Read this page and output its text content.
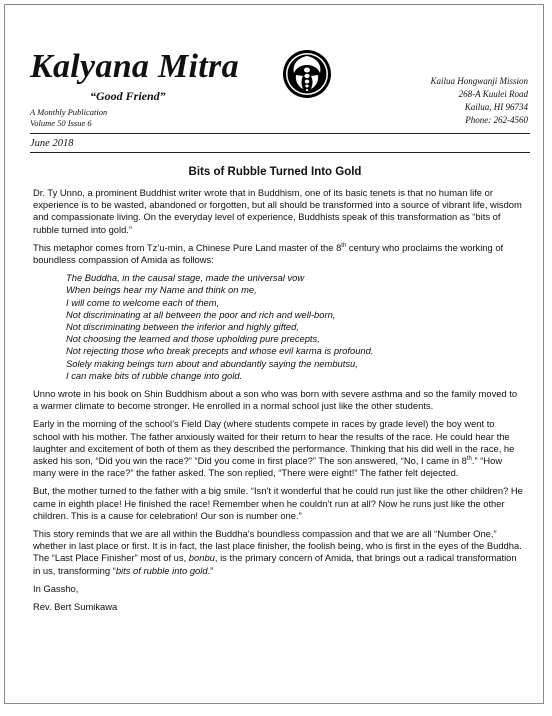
Kalyana Mitra
“Good Friend”
A Monthly Publication
Volume 50 Issue 6
Kailua Hongwanji Mission
268-A Kuulei Road
Kailua, HI 96734
Phone: 262-4560
June 2018
Bits of Rubble Turned Into Gold

Dr. Ty Unno, a prominent Buddhist writer wrote that in Buddhism, one of its basic tenets is that no human life or experience is to be wasted, abandoned or forgotten, but all should be transformed into a source of vibrant life, wisdom and compassionate living. On the everyday level of experience, Buddhists speak of this transformation as “bits of rubble turned into gold.”

This metaphor comes from Tz’u-min, a Chinese Pure Land master of the 8th century who proclaims the working of boundless compassion of Amida as follows:

The Buddha, in the causal stage, made the universal vow
When beings hear my Name and think on me,
I will come to welcome each of them,
Not discriminating at all between the poor and rich and well-born,
Not discriminating between the inferior and highly gifted,
Not choosing the learned and those upholding pure precepts,
Not rejecting those who break precepts and whose evil karma is profound.
Solely making beings turn about and abundantly saying the nembutsu,
I can make bits of rubble change into gold.

Unno wrote in his book on Shin Buddhism about a son who was born with severe asthma and so the family moved to a warmer climate to become stronger. He enrolled in a normal school just like the other students.

Early in the morning of the school’s Field Day (where students compete in races by grade level) the boy went to school with his mother. The father anxiously waited for their return to hear the results of the race. He could hear the laughter and excitement of both of them as they described the performance. Thinking that his did well in the race, he asked his son, “Did you win the race?” “Did you come in first place?” The son answered, “No, I came in 8th.” “How many were in the race?” the father asked. The son replied, “There were eight!” The father felt dejected.

But, the mother turned to the father with a big smile. “Isn’t it wonderful that he could run just like the other children? He came in eighth place! He finished the race! Remember when he couldn’t run at all? Now he runs just like the other children. This is a cause for celebration! Our son is number one.”

This story reminds that we are all within the Buddha’s boundless compassion and that we are all “Number One,” whether in last place or first. It is in fact, the last place finisher, the foolish being, who is first in the eyes of the Buddha. The “Last Place Finisher” most of us, bonbu, is the primary concern of Amida, that brings out a radical transformation in us, transforming “bits of rubble into gold.”

In Gassho,

Rev. Bert Sumikawa
